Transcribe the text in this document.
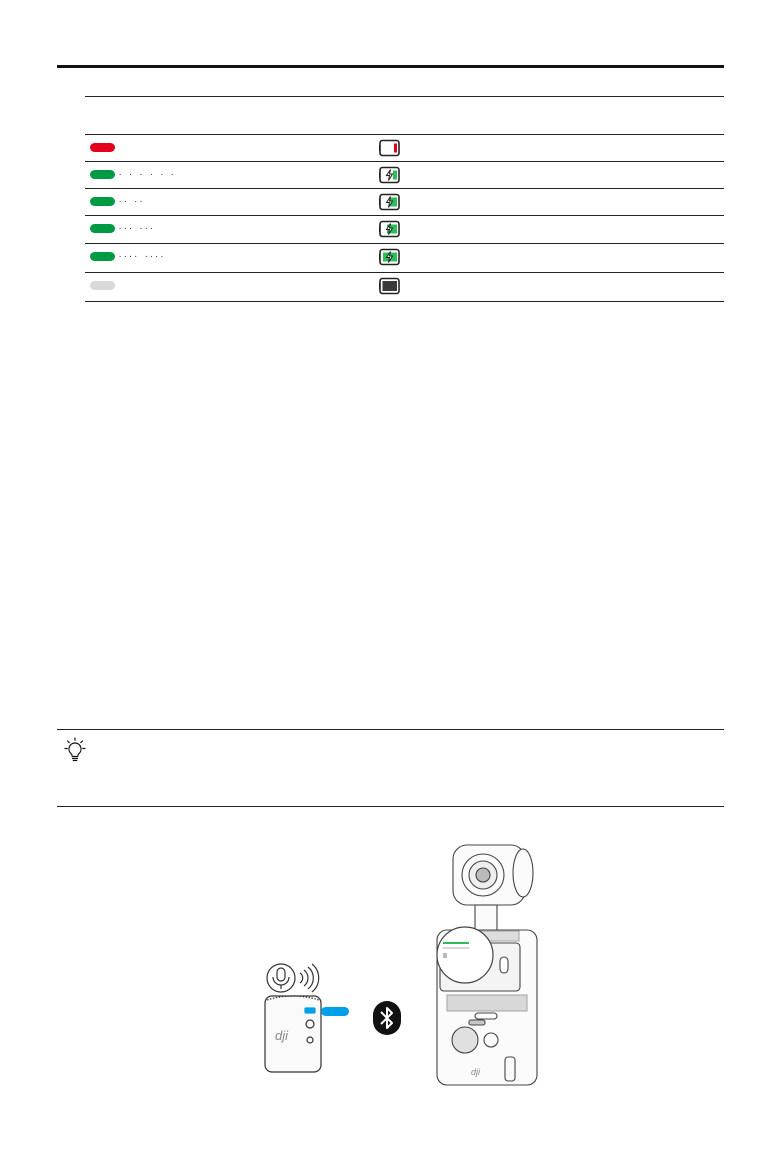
· · · · · ·
·· ··
··· ···
···· ····
dji
dji
